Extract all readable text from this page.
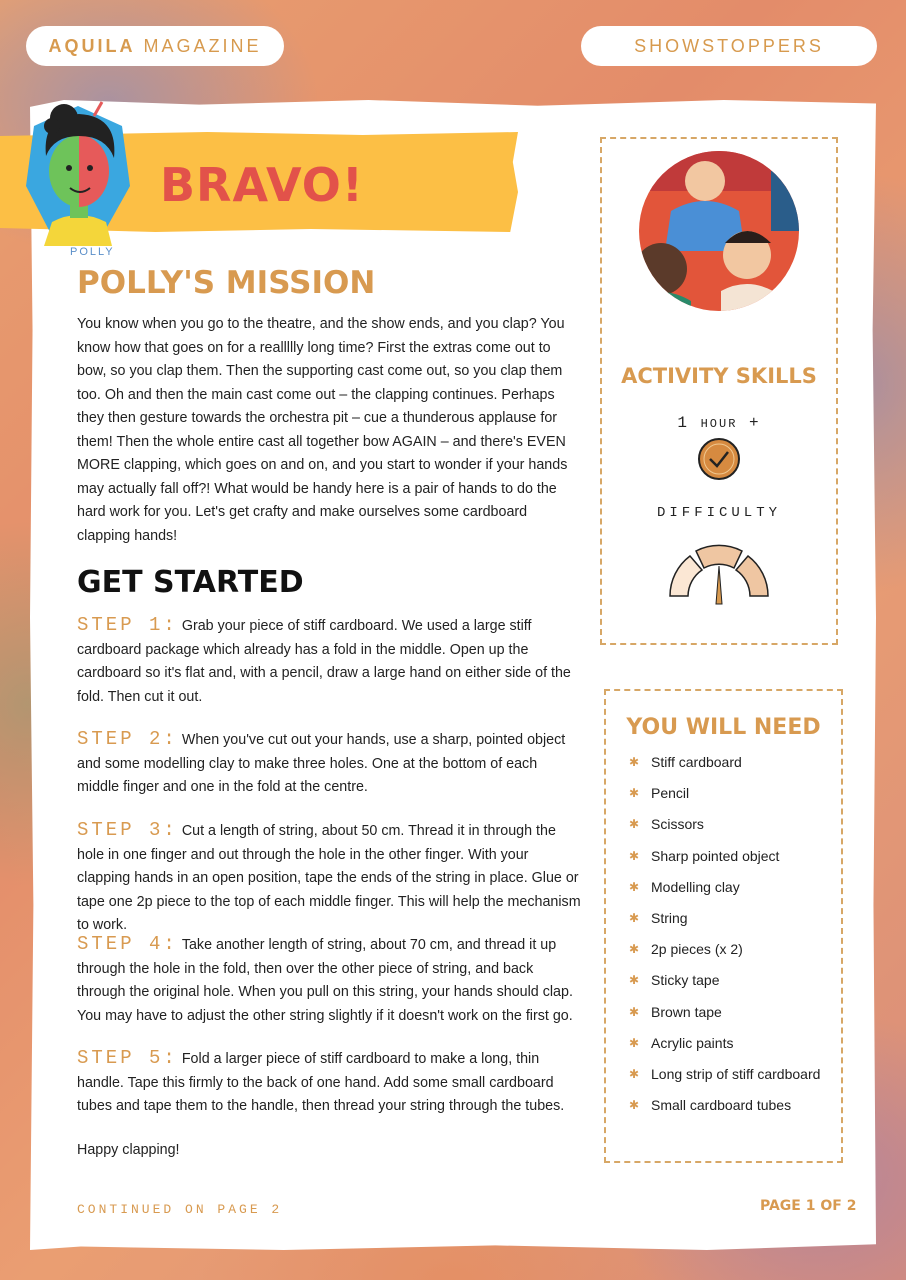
AQUILA MAGAZINE	SHOWSTOPPERS
BRAVO!
POLLY
POLLY'S MISSION

You know when you go to the theatre, and the show ends, and you clap? You know how that goes on for a reallllly long time? First the extras come out to bow, so you clap them. Then the supporting cast come out, so you clap them too. Oh and then the main cast come out – the clapping continues. Perhaps they then gesture towards the orchestra pit – cue a thunderous applause for them! Then the whole entire cast all together bow AGAIN – and there's EVEN MORE clapping, which goes on and on, and you start to wonder if your hands may actually fall off?! What would be handy here is a pair of hands to do the hard work for you. Let's get crafty and make ourselves some cardboard clapping hands!

GET STARTED

STEP 1: Grab your piece of stiff cardboard. We used a large stiff cardboard package which already has a fold in the middle. Open up the cardboard so it's flat and, with a pencil, draw a large hand on either side of the fold. Then cut it out.

STEP 2: When you've cut out your hands, use a sharp, pointed object and some modelling clay to make three holes. One at the bottom of each middle finger and one in the fold at the centre.

STEP 3: Cut a length of string, about 50 cm. Thread it in through the hole in one finger and out through the hole in the other finger. With your clapping hands in an open position, tape the ends of the string in place. Glue or tape one 2p piece to the top of each middle finger. This will help the mechanism to work.

STEP 4: Take another length of string, about 70 cm, and thread it up through the hole in the fold, then over the other piece of string, and back through the original hole. When you pull on this string, your hands should clap. You may have to adjust the other string slightly if it doesn't work on the first go.

STEP 5: Fold a larger piece of stiff cardboard to make a long, thin handle. Tape this firmly to the back of one hand. Add some small cardboard tubes and tape them to the handle, then thread your string through the tubes.

Happy clapping!
CONTINUED ON PAGE 2	PAGE 1 OF 2
ACTIVITY SKILLS
1 HOUR +
DIFFICULTY
YOU WILL NEED
✱ Stiff cardboard
✱ Pencil
✱ Scissors
✱ Sharp pointed object
✱ Modelling clay
✱ String
✱ 2p pieces (x 2)
✱ Sticky tape
✱ Brown tape
✱ Acrylic paints
✱ Long strip of stiff cardboard
✱ Small cardboard tubes
